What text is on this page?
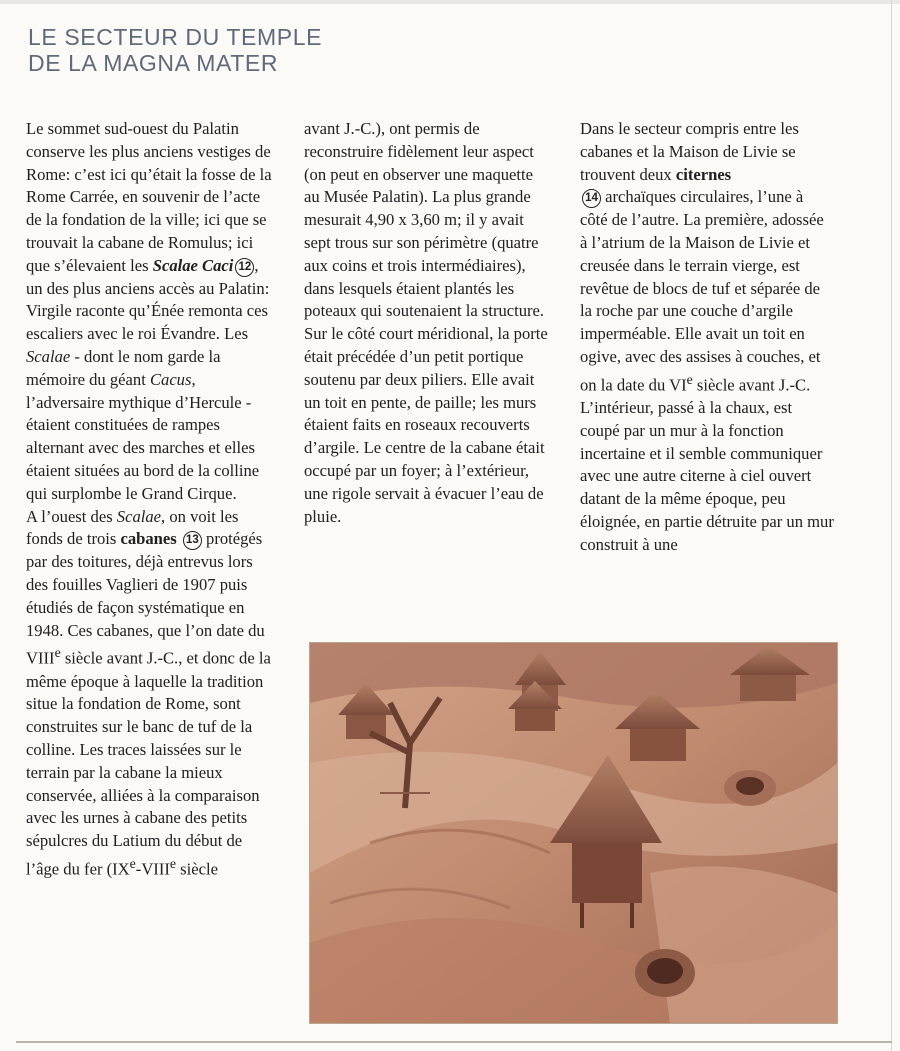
LE SECTEUR DU TEMPLE
DE LA MAGNA MATER

Le sommet sud-ouest du Palatin conserve les plus anciens vestiges de Rome: c’est ici qu’était la fosse de la Rome Carrée, en souvenir de l’acte de la fondation de la ville; ici que se trouvait la cabane de Romulus; ici que s’élevaient les Scalae Caci 12 , un des plus anciens accès au Palatin: Virgile raconte qu’Énée remonta ces escaliers avec le roi Évandre. Les Scalae - dont le nom garde la mémoire du géant Cacus, l’adversaire mythique d’Hercule - étaient constituées de rampes alternant avec des marches et elles étaient situées au bord de la colline qui surplombe le Grand Cirque.

A l’ouest des Scalae, on voit les fonds de trois cabanes 13 protégés par des toitures, déjà entrevus lors des fouilles Vaglieri de 1907 puis étudiés de façon systématique en 1948. Ces cabanes, que l’on date du VIIIe siècle avant J.-C., et donc de la même époque à laquelle la tradition situe la fondation de Rome, sont construites sur le banc de tuf de la colline. Les traces laissées sur le terrain par la cabane la mieux conservée, alliées à la comparaison avec les urnes à cabane des petits sépulcres du Latium du début de l’âge du fer (IXe-VIIIe siècle

avant J.-C.), ont permis de reconstruire fidèlement leur aspect (on peut en observer une maquette au Musée Palatin). La plus grande mesurait 4,90 x 3,60 m; il y avait sept trous sur son périmètre (quatre aux coins et trois intermédiaires), dans lesquels étaient plantés les poteaux qui soutenaient la structure. Sur le côté court méridional, la porte était précédée d’un petit portique soutenu par deux piliers. Elle avait un toit en pente, de paille; les murs étaient faits en roseaux recouverts d’argile. Le centre de la cabane était occupé par un foyer; à l’extérieur, une rigole servait à évacuer l’eau de pluie.

Dans le secteur compris entre les cabanes et la Maison de Livie se trouvent deux citernes
14 archaïques circulaires, l’une à côté de l’autre. La première, adossée à l’atrium de la Maison de Livie et creusée dans le terrain vierge, est revêtue de blocs de tuf et séparée de la roche par une couche d’argile imperméable. Elle avait un toit en ogive, avec des assises à couches, et on la date du VIe siècle avant J.-C. L’intérieur, passé à la chaux, est coupé par un mur à la fonction incertaine et il semble communiquer avec une autre citerne à ciel ouvert datant de la même époque, peu éloignée, en partie détruite par un mur construit à une
